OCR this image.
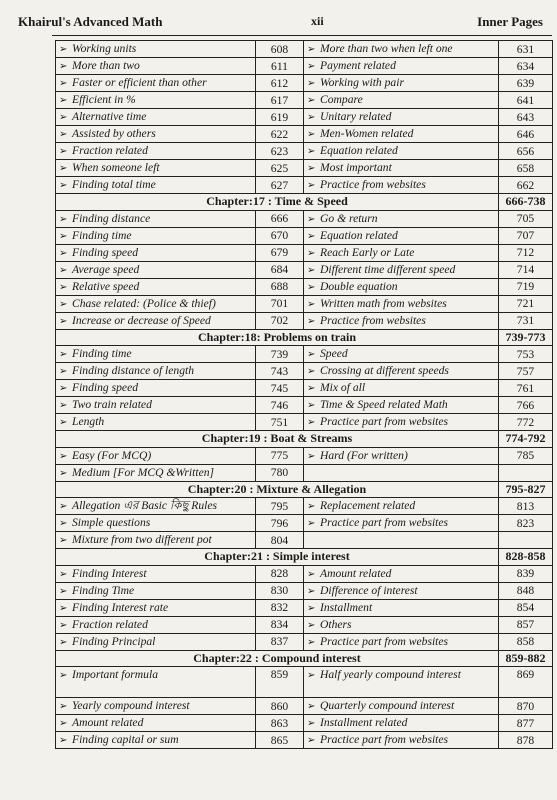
Khairul's Advanced Math	xii	Inner Pages
➢ Working units	608	➢ More than two when left one	631
➢ More than two	611	➢ Payment related	634
➢ Faster or efficient than other	612	➢ Working with pair	639
➢ Efficient in %	617	➢ Compare	641
➢ Alternative time	619	➢ Unitary related	643
➢ Assisted by others	622	➢ Men-Women related	646
➢ Fraction related	623	➢ Equation related	656
➢ When someone left	625	➢ Most important	658
➢ Finding total time	627	➢ Practice from websites	662
Chapter:17 : Time & Speed			666-738
➢ Finding distance	666	➢ Go & return	705
➢ Finding time	670	➢ Equation related	707
➢ Finding speed	679	➢ Reach Early or Late	712
➢ Average speed	684	➢ Different time different speed	714
➢ Relative speed	688	➢ Double equation	719
➢ Chase related: (Police & thief)	701	➢ Written math from websites	721
➢ Increase or decrease of Speed	702	➢ Practice from websites	731
Chapter:18: Problems on train			739-773
➢ Finding time	739	➢ Speed	753
➢ Finding distance of length	743	➢ Crossing at different speeds	757
➢ Finding speed	745	➢ Mix of all	761
➢ Two train related	746	➢ Time & Speed related Math	766
➢ Length	751	➢ Practice part from websites	772
Chapter:19 : Boat & Streams			774-792
➢ Easy (For MCQ)	775	➢ Hard (For written)	785
➢ Medium [For MCQ &Written]	780		
Chapter:20 : Mixture & Allegation			795-827
➢ Allegation এর Basic কিছু Rules	795	➢ Replacement related	813
➢ Simple questions	796	➢ Practice part from websites	823
➢ Mixture from two different pot	804		
Chapter:21 : Simple interest			828-858
➢ Finding Interest	828	➢ Amount related	839
➢ Finding Time	830	➢ Difference of interest	848
➢ Finding Interest rate	832	➢ Installment	854
➢ Fraction related	834	➢ Others	857
➢ Finding Principal	837	➢ Practice part from websites	858
Chapter:22 : Compound interest			859-882
➢ Important formula	859	➢ Half yearly compound interest	869
➢ Yearly compound interest	860	➢ Quarterly compound interest	870
➢ Amount related	863	➢ Installment related	877
➢ Finding capital or sum	865	➢ Practice part from websites	878
